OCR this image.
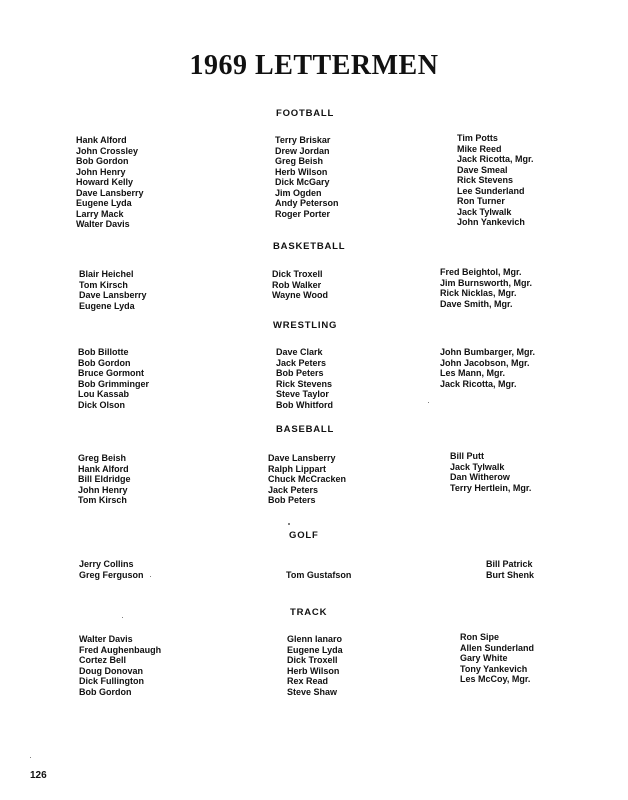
1969 LETTERMEN
FOOTBALL
Hank Alford
John Crossley
Bob Gordon
John Henry
Howard Kelly
Dave Lansberry
Eugene Lyda
Larry Mack
Walter Davis
Terry Briskar
Drew Jordan
Greg Beish
Herb Wilson
Dick McGary
Jim Ogden
Andy Peterson
Roger Porter
Tim Potts
Mike Reed
Jack Ricotta, Mgr.
Dave Smeal
Rick Stevens
Lee Sunderland
Ron Turner
Jack Tylwalk
John Yankevich
BASKETBALL
Blair Heichel
Tom Kirsch
Dave Lansberry
Eugene Lyda
Dick Troxell
Rob Walker
Wayne Wood
Fred Beightol, Mgr.
Jim Burnsworth, Mgr.
Rick Nicklas, Mgr.
Dave Smith, Mgr.
WRESTLING
Bob Billotte
Bob Gordon
Bruce Gormont
Bob Grimminger
Lou Kassab
Dick Olson
Dave Clark
Jack Peters
Bob Peters
Rick Stevens
Steve Taylor
Bob Whitford
John Bumbarger, Mgr.
John Jacobson, Mgr.
Les Mann, Mgr.
Jack Ricotta, Mgr.
BASEBALL
Greg Beish
Hank Alford
Bill Eldridge
John Henry
Tom Kirsch
Dave Lansberry
Ralph Lippart
Chuck McCracken
Jack Peters
Bob Peters
Bill Putt
Jack Tylwalk
Dan Witherow
Terry Hertlein, Mgr.
GOLF
Jerry Collins
Greg Ferguson	Tom Gustafson
Bill Patrick
Burt Shenk
TRACK
Walter Davis
Fred Aughenbaugh
Cortez Bell
Doug Donovan
Dick Fullington
Bob Gordon
Glenn Ianaro
Eugene Lyda
Dick Troxell
Herb Wilson
Rex Read
Steve Shaw
Ron Sipe
Allen Sunderland
Gary White
Tony Yankevich
Les McCoy, Mgr.
126
